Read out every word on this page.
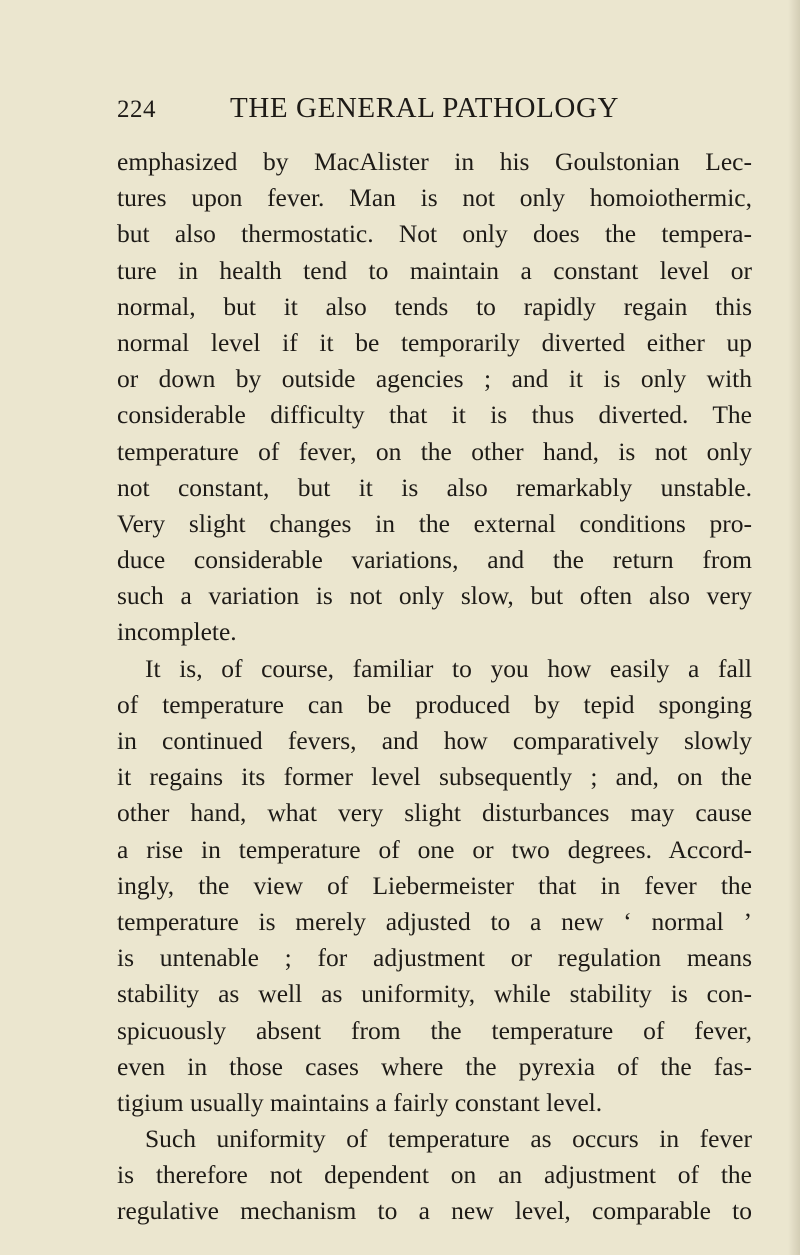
224	THE GENERAL PATHOLOGY
emphasized by MacAlister in his Goulstonian Lec-
tures upon fever. Man is not only homoiothermic,
but also thermostatic. Not only does the tempera-
ture in health tend to maintain a constant level or
normal, but it also tends to rapidly regain this
normal level if it be temporarily diverted either up
or down by outside agencies ; and it is only with
considerable difficulty that it is thus diverted. The
temperature of fever, on the other hand, is not only
not constant, but it is also remarkably unstable.
Very slight changes in the external conditions pro-
duce considerable variations, and the return from
such a variation is not only slow, but often also very
incomplete.
It is, of course, familiar to you how easily a fall
of temperature can be produced by tepid sponging
in continued fevers, and how comparatively slowly
it regains its former level subsequently ; and, on the
other hand, what very slight disturbances may cause
a rise in temperature of one or two degrees. Accord-
ingly, the view of Liebermeister that in fever the
temperature is merely adjusted to a new ‘ normal ’
is untenable ; for adjustment or regulation means
stability as well as uniformity, while stability is con-
spicuously absent from the temperature of fever,
even in those cases where the pyrexia of the fas-
tigium usually maintains a fairly constant level.
Such uniformity of temperature as occurs in fever
is therefore not dependent on an adjustment of the
regulative mechanism to a new level, comparable to
